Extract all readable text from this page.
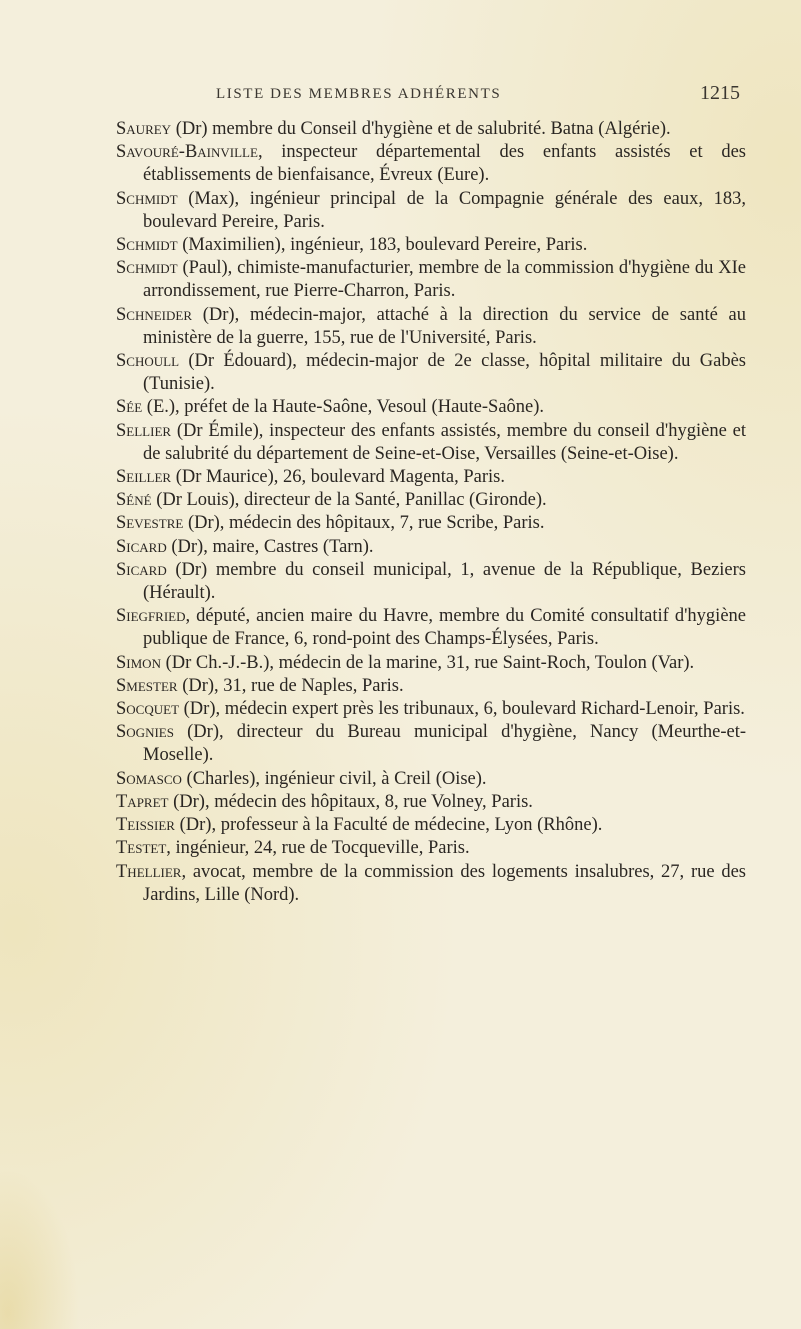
LISTE DES MEMBRES ADHÉRENTS	1215
Saurey (Dr) membre du Conseil d'hygiène et de salubrité. Batna (Algérie).
Savouré-Bainville, inspecteur départemental des enfants assistés et des établissements de bienfaisance, Évreux (Eure).
Schmidt (Max), ingénieur principal de la Compagnie générale des eaux, 183, boulevard Pereire, Paris.
Schmidt (Maximilien), ingénieur, 183, boulevard Pereire, Paris.
Schmidt (Paul), chimiste-manufacturier, membre de la commission d'hygiène du XIe arrondissement, rue Pierre-Charron, Paris.
Schneider (Dr), médecin-major, attaché à la direction du service de santé au ministère de la guerre, 155, rue de l'Université, Paris.
Schoull (Dr Édouard), médecin-major de 2e classe, hôpital militaire du Gabès (Tunisie).
Sée (E.), préfet de la Haute-Saône, Vesoul (Haute-Saône).
Sellier (Dr Émile), inspecteur des enfants assistés, membre du conseil d'hygiène et de salubrité du département de Seine-et-Oise, Versailles (Seine-et-Oise).
Seiller (Dr Maurice), 26, boulevard Magenta, Paris.
Séné (Dr Louis), directeur de la Santé, Panillac (Gironde).
Sevestre (Dr), médecin des hôpitaux, 7, rue Scribe, Paris.
Sicard (Dr), maire, Castres (Tarn).
Sicard (Dr) membre du conseil municipal, 1, avenue de la République, Beziers (Hérault).
Siegfried, député, ancien maire du Havre, membre du Comité consultatif d'hygiène publique de France, 6, rond-point des Champs-Élysées, Paris.
Simon (Dr Ch.-J.-B.), médecin de la marine, 31, rue Saint-Roch, Toulon (Var).
Smester (Dr), 31, rue de Naples, Paris.
Socquet (Dr), médecin expert près les tribunaux, 6, boulevard Richard-Lenoir, Paris.
Sognies (Dr), directeur du Bureau municipal d'hygiène, Nancy (Meurthe-et-Moselle).
Somasco (Charles), ingénieur civil, à Creil (Oise).
Tapret (Dr), médecin des hôpitaux, 8, rue Volney, Paris.
Teissier (Dr), professeur à la Faculté de médecine, Lyon (Rhône).
Testet, ingénieur, 24, rue de Tocqueville, Paris.
Thellier, avocat, membre de la commission des logements insalubres, 27, rue des Jardins, Lille (Nord).
